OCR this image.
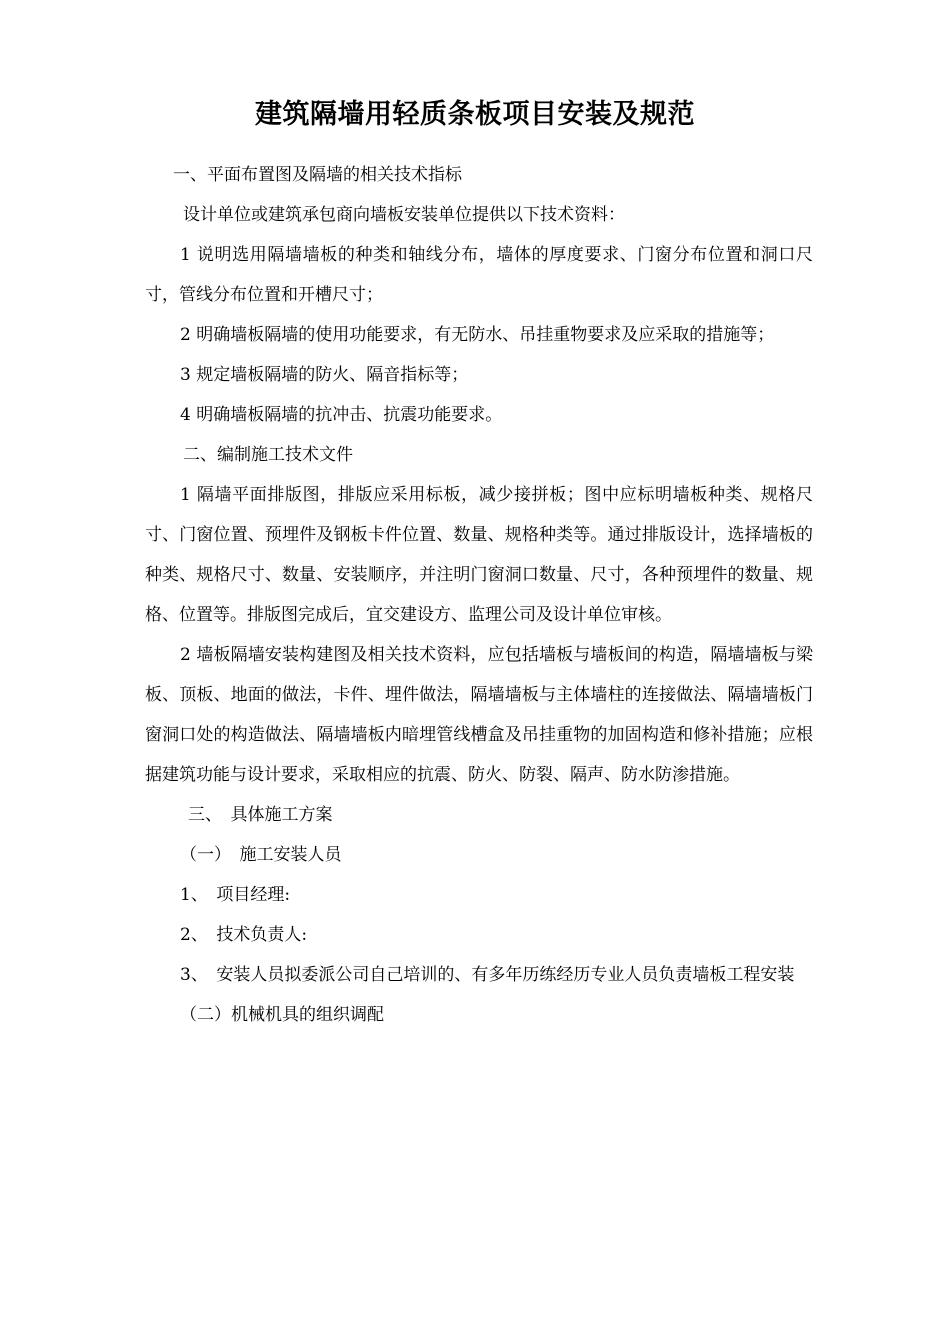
建筑隔墙用轻质条板项目安装及规范

一、平面布置图及隔墙的相关技术指标

设计单位或建筑承包商向墙板安装单位提供以下技术资料：

1 说明选用隔墙墙板的种类和轴线分布，墙体的厚度要求、门窗分布位置和洞口尺寸，管线分布位置和开槽尺寸；

2 明确墙板隔墙的使用功能要求，有无防水、吊挂重物要求及应采取的措施等；

3 规定墙板隔墙的防火、隔音指标等；

4 明确墙板隔墙的抗冲击、抗震功能要求。

二、编制施工技术文件

1 隔墙平面排版图，排版应采用标板，减少接拼板；图中应标明墙板种类、规格尺寸、门窗位置、预埋件及钢板卡件位置、数量、规格种类等。通过排版设计，选择墙板的种类、规格尺寸、数量、安装顺序，并注明门窗洞口数量、尺寸，各种预埋件的数量、规格、位置等。排版图完成后，宜交建设方、监理公司及设计单位审核。

2 墙板隔墙安装构建图及相关技术资料，应包括墙板与墙板间的构造，隔墙墙板与梁板、顶板、地面的做法，卡件、埋件做法，隔墙墙板与主体墙柱的连接做法、隔墙墙板门窗洞口处的构造做法、隔墙墙板内暗埋管线槽盒及吊挂重物的加固构造和修补措施；应根据建筑功能与设计要求，采取相应的抗震、防火、防裂、隔声、防水防渗措施。

三、　具体施工方案

（一）　施工安装人员

1、　项目经理:

2、　技术负责人:

3、　安装人员拟委派公司自己培训的、有多年历练经历专业人员负责墙板工程安装

（二）机械机具的组织调配
